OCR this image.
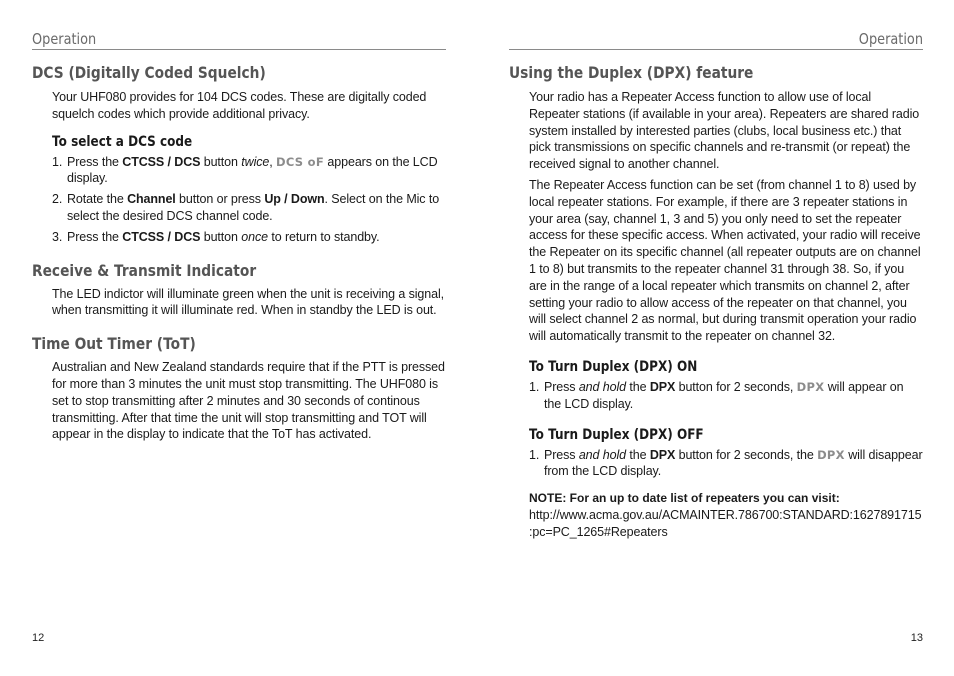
Operation
DCS (Digitally Coded Squelch)

Your UHF080 provides for 104 DCS codes. These are digitally coded squelch codes which provide additional privacy.

To select a DCS code
1. Press the CTCSS / DCS button twice, DCS oF appears on the LCD display.
2. Rotate the Channel button or press Up / Down. Select on the Mic to select the desired DCS channel code.
3. Press the CTCSS / DCS button once to return to standby.
Receive & Transmit Indicator

The LED indictor will illuminate green when the unit is receiving a signal, when transmitting it will illuminate red. When in standby the LED is out.

Time Out Timer (ToT)

Australian and New Zealand standards require that if the PTT is pressed for more than 3 minutes the unit must stop transmitting. The UHF080 is set to stop transmitting after 2 minutes and 30 seconds of continous transmitting. After that time the unit will stop transmitting and TOT will appear in the display to indicate that the ToT has activated.

12
Operation
Using the Duplex (DPX) feature

Your radio has a Repeater Access function to allow use of local Repeater stations (if available in your area). Repeaters are shared radio system installed by interested parties (clubs, local business etc.) that pick transmissions on specific channels and re-transmit (or repeat) the received signal to another channel.

The Repeater Access function can be set (from channel 1 to 8) used by local repeater stations. For example, if there are 3 repeater stations in your area (say, channel 1, 3 and 5) you only need to set the repeater access for these specific access. When activated, your radio will receive the Repeater on its specific channel (all repeater outputs are on channel 1 to 8) but transmits to the repeater channel 31 through 38. So, if you are in the range of a local repeater which transmits on channel 2, after setting your radio to allow access of the repeater on that channel, you will select channel 2 as normal, but during transmit operation your radio will automatically transmit to the repeater on channel 32.

To Turn Duplex (DPX) ON
1. Press and hold the DPX button for 2 seconds, DPX will appear on the LCD display.
To Turn Duplex (DPX) OFF
1. Press and hold the DPX button for 2 seconds, the DPX will disappear from the LCD display.
NOTE: For an up to date list of repeaters you can visit:
http://www.acma.gov.au/ACMAINTER.786700:STANDARD:1627891715
:pc=PC_1265#Repeaters
13
